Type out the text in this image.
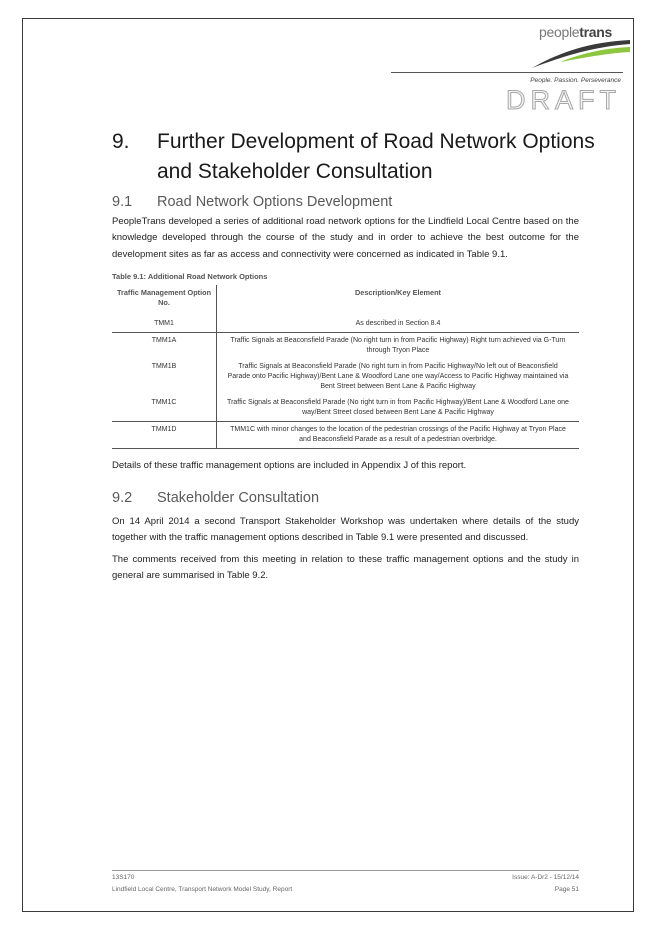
peopletrans
People. Passion. Perseverance
DRAFT
9. Further Development of Road Network Options and Stakeholder Consultation
9.1 Road Network Options Development
PeopleTrans developed a series of additional road network options for the Lindfield Local Centre based on the knowledge developed through the course of the study and in order to achieve the best outcome for the development sites as far as access and connectivity were concerned as indicated in Table 9.1.
Table 9.1: Additional Road Network Options
Traffic Management Option No.	Description/Key Element
TMM1	As described in Section 8.4
TMM1A	Traffic Signals at Beaconsfield Parade (No right turn in from Pacific Highway) Right turn achieved via G-Turn through Tryon Place
TMM1B	Traffic Signals at Beaconsfield Parade (No right turn in from Pacific Highway/No left out of Beaconsfield Parade onto Pacific Highway)/Bent Lane & Woodford Lane one way/Access to Pacific Highway maintained via Bent Street between Bent Lane & Pacific Highway
TMM1C	Traffic Signals at Beaconsfield Parade (No right turn in from Pacific Highway)/Bent Lane & Woodford Lane one way/Bent Street closed between Bent Lane & Pacific Highway
TMM1D	TMM1C with minor changes to the location of the pedestrian crossings of the Pacific Highway at Tryon Place and Beaconsfield Parade as a result of a pedestrian overbridge.
Details of these traffic management options are included in Appendix J of this report.
9.2 Stakeholder Consultation
On 14 April 2014 a second Transport Stakeholder Workshop was undertaken where details of the study together with the traffic management options described in Table 9.1 were presented and discussed.
The comments received from this meeting in relation to these traffic management options and the study in general are summarised in Table 9.2.
13S170
Lindfield Local Centre, Transport Network Model Study, Report
Issue: A-Dr2 - 15/12/14
Page 51
